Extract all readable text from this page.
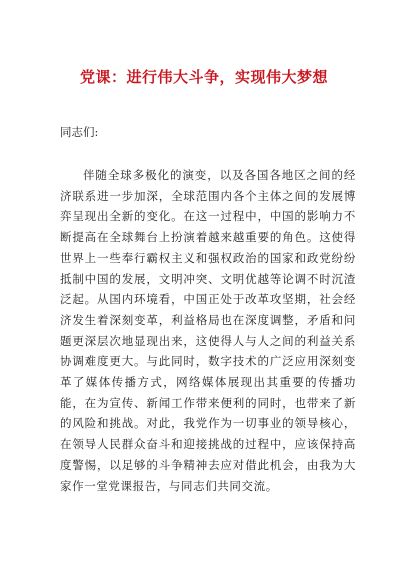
党课：进行伟大斗争，实现伟大梦想
同志们:

伴随全球多极化的演变，以及各国各地区之间的经济联系进一步加深，全球范围内各个主体之间的发展博弈呈现出全新的变化。在这一过程中，中国的影响力不断提高在全球舞台上扮演着越来越重要的角色。这使得世界上一些奉行霸权主义和强权政治的国家和政党纷纷抵制中国的发展，文明冲突、文明优越等论调不时沉渣泛起。从国内环境看，中国正处于改革攻坚期，社会经济发生着深刻变革，利益格局也在深度调整，矛盾和问题更深层次地显现出来，这使得人与人之间的利益关系协调难度更大。与此同时，数字技术的广泛应用深刻变革了媒体传播方式，网络媒体展现出其重要的传播功能，在为宣传、新闻工作带来便利的同时，也带来了新的风险和挑战。对此，我党作为一切事业的领导核心，在领导人民群众奋斗和迎接挑战的过程中，应该保持高度警惕，以足够的斗争精神去应对借此机会，由我为大家作一堂党课报告，与同志们共同交流。
